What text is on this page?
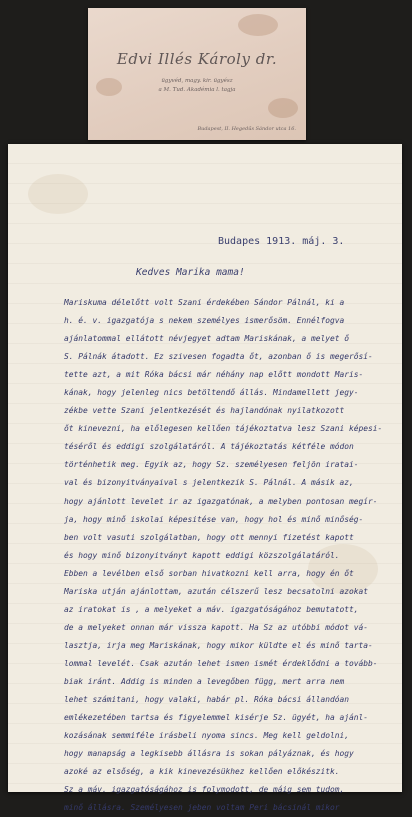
Edvi Illés Károly dr.
ügyvéd, magy. kir. ügyész
a M. Tud. Akadémia l. tagja
Budapest, II. Hegedűs Sándor utca 16.
Budapes 1913. máj. 3.
Kedves Marika mama!
Mariskuma délelőtt volt Szani érdekében Sándor Pálnál, ki a
h. é. v. igazgatója s nekem személyes ismerősöm. Ennélfogva
ajánlatommal ellátott névjegyet adtam Mariskának, a melyet ő
S. Pálnák átadott. Ez szivesen fogadta őt, azonban ő is megerősí-
tette azt, a mit Róka bácsi már néhány nap előtt mondott Maris-
kának, hogy jelenleg nics betöltendő állás. Mindamellett jegy-
zékbe vette Szani jelentkezését és hajlandónak nyilatkozott
őt kinevezni, ha előlegesen kellően tájékoztatva lesz Szani képesi-
téséről és eddigi szolgálatáról. A tájékoztatás kétféle módon
történhetik meg. Egyik az, hogy Sz. személyesen feljön iratai-
val és bizonyitványaival s jelentkezik S. Pálnál. A másik az,
hogy ajánlott levelet ir az igazgatónak, a melyben pontosan megír-
ja, hogy minő iskolai képesitése van, hogy hol és minő minőség-
ben volt vasuti szolgálatban, hogy ott mennyi fizetést kapott
és hogy minő bizonyitványt kapott eddigi közszolgálatáról.
Ebben a levélben első sorban hivatkozni kell arra, hogy én őt
Mariska utján ajánlottam, azután célszerű lesz becsatolni azokat
az iratokat is , a melyeket a máv. igazgatóságához bemutatott,
de a melyeket onnan már vissza kapott. Ha Sz az utóbbi módot vá-
lasztja, irja meg Mariskának, hogy mikor küldte el és minő tarta-
lommal levelét. Csak azután lehet ismen ismét érdeklődni a tovább-
biak iránt. Addig is minden a levegőben függ, mert arra nem
lehet számitani, hogy valaki, habár pl. Róka bácsi állandóan
emlékezetében tartsa és figyelemmel kisérje Sz. ügyét, ha ajánl-
kozásának semmiféle irásbeli nyoma sincs. Meg kell geldolni,
hogy manapság a legkisebb állásra is sokan pályáznak, és hogy
azoké az elsőség, a kik kinevezésükhez kellően előkészitk.
Sz a máv. igazgatóságához is folymodott, de máig sem tudom,
minő állásra. Személyesen jeben voltam Peri bácsinál mikor
